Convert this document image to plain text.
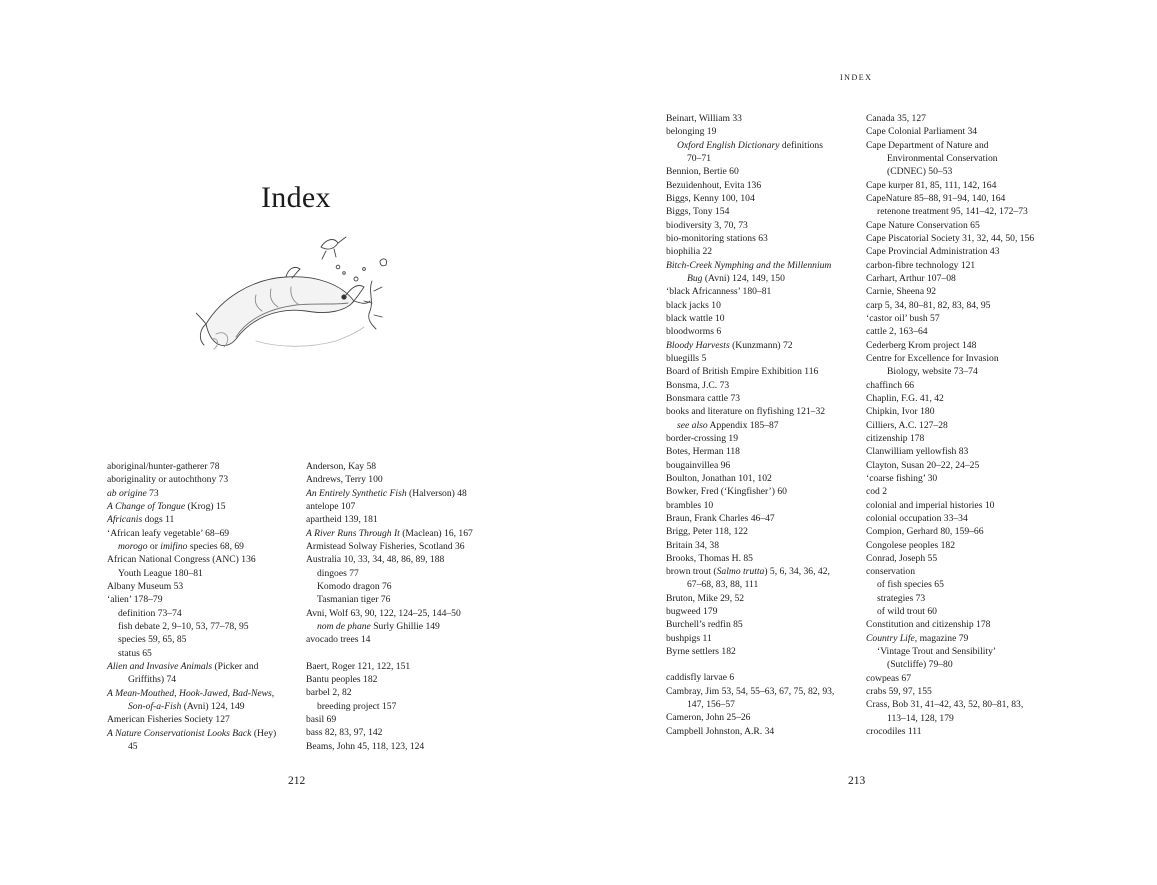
Index
aboriginal/hunter-gatherer 78
aboriginality or autochthony 73
ab origine 73
A Change of Tongue (Krog) 15
Africanis dogs 11
‘African leafy vegetable’ 68–69
morogo or imifino species 68, 69
African National Congress (ANC) 136
Youth League 180–81
Albany Museum 53
‘alien’ 178–79
definition 73–74
fish debate 2, 9–10, 53, 77–78, 95
species 59, 65, 85
status 65
Alien and Invasive Animals (Picker and
Griffiths) 74
A Mean-Mouthed, Hook-Jawed, Bad-News,
Son-of-a-Fish (Avni) 124, 149
American Fisheries Society 127
A Nature Conservationist Looks Back (Hey)
45
Anderson, Kay 58
Andrews, Terry 100
An Entirely Synthetic Fish (Halverson) 48
antelope 107
apartheid 139, 181
A River Runs Through It (Maclean) 16, 167
Armistead Solway Fisheries, Scotland 36
Australia 10, 33, 34, 48, 86, 89, 188
dingoes 77
Komodo dragon 76
Tasmanian tiger 76
Avni, Wolf 63, 90, 122, 124–25, 144–50
nom de phane Surly Ghillie 149
avocado trees 14
Baert, Roger 121, 122, 151
Bantu peoples 182
barbel 2, 82
breeding project 157
basil 69
bass 82, 83, 97, 142
Beams, John 45, 118, 123, 124
212
index
Beinart, William 33
belonging 19
Oxford English Dictionary definitions
70–71
Bennion, Bertie 60
Bezuidenhout, Evita 136
Biggs, Kenny 100, 104
Biggs, Tony 154
biodiversity 3, 70, 73
bio-monitoring stations 63
biophilia 22
Bitch-Creek Nymphing and the Millennium
Bug (Avni) 124, 149, 150
‘black Africanness’ 180–81
black jacks 10
black wattle 10
bloodworms 6
Bloody Harvests (Kunzmann) 72
bluegills 5
Board of British Empire Exhibition 116
Bonsma, J.C. 73
Bonsmara cattle 73
books and literature on flyfishing 121–32
see also Appendix 185–87
border-crossing 19
Botes, Herman 118
bougainvillea 96
Boulton, Jonathan 101, 102
Bowker, Fred (‘Kingfisher’) 60
brambles 10
Braun, Frank Charles 46–47
Brigg, Peter 118, 122
Britain 34, 38
Brooks, Thomas H. 85
brown trout (Salmo trutta) 5, 6, 34, 36, 42,
67–68, 83, 88, 111
Bruton, Mike 29, 52
bugweed 179
Burchell’s redfin 85
bushpigs 11
Byrne settlers 182
caddisfly larvae 6
Cambray, Jim 53, 54, 55–63, 67, 75, 82, 93,
147, 156–57
Cameron, John 25–26
Campbell Johnston, A.R. 34
Canada 35, 127
Cape Colonial Parliament 34
Cape Department of Nature and
Environmental Conservation
(CDNEC) 50–53
Cape kurper 81, 85, 111, 142, 164
CapeNature 85–88, 91–94, 140, 164
retenone treatment 95, 141–42, 172–73
Cape Nature Conservation 65
Cape Piscatorial Society 31, 32, 44, 50, 156
Cape Provincial Administration 43
carbon-fibre technology 121
Carhart, Arthur 107–08
Carnie, Sheena 92
carp 5, 34, 80–81, 82, 83, 84, 95
‘castor oil’ bush 57
cattle 2, 163–64
Cederberg Krom project 148
Centre for Excellence for Invasion
Biology, website 73–74
chaffinch 66
Chaplin, F.G. 41, 42
Chipkin, Ivor 180
Cilliers, A.C. 127–28
citizenship 178
Clanwilliam yellowfish 83
Clayton, Susan 20–22, 24–25
‘coarse fishing’ 30
cod 2
colonial and imperial histories 10
colonial occupation 33–34
Compion, Gerhard 80, 159–66
Congolese peoples 182
Conrad, Joseph 55
conservation
of fish species 65
strategies 73
of wild trout 60
Constitution and citizenship 178
Country Life, magazine 79
‘Vintage Trout and Sensibility’
(Sutcliffe) 79–80
cowpeas 67
crabs 59, 97, 155
Crass, Bob 31, 41–42, 43, 52, 80–81, 83,
113–14, 128, 179
crocodiles 111
213
